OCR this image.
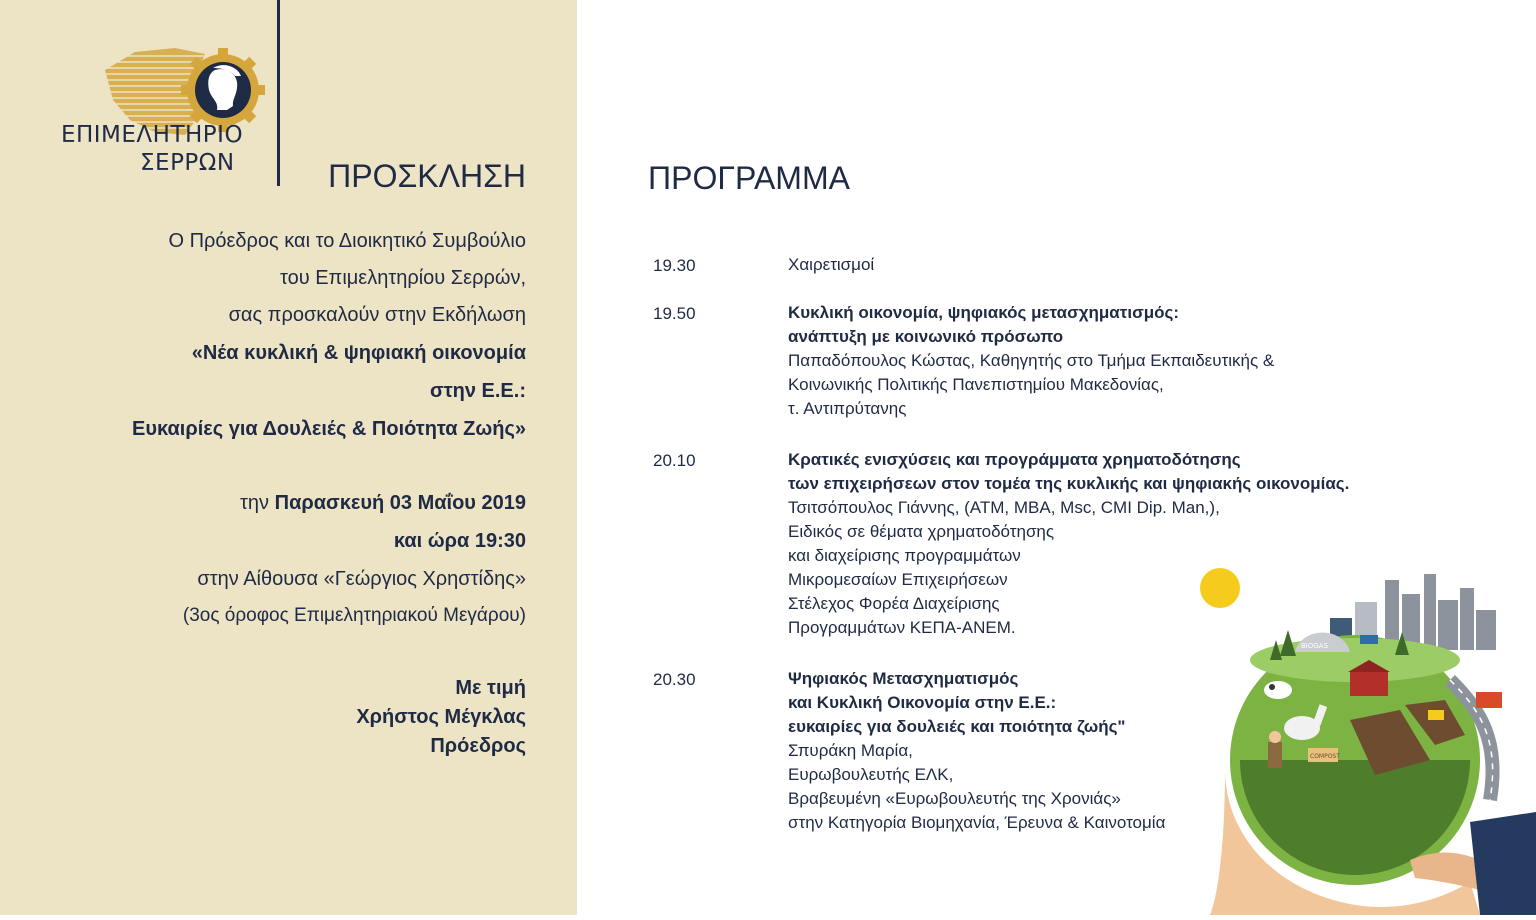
ΕΠΙΜΕΛΗΤΗΡΙΟ
ΣΕΡΡΩΝ	ΠΡΟΣΚΛΗΣΗ
Ο Πρόεδρος και το Διοικητικό Συμβούλιο
του Επιμελητηρίου Σερρών,
σας προσκαλούν στην Εκδήλωση
«Νέα κυκλική & ψηφιακή οικονομία
στην Ε.Ε.:
Ευκαιρίες για Δουλειές & Ποιότητα Ζωής»
την Παρασκευή 03 Μαΐου 2019
και ώρα 19:30
στην Αίθουσα «Γεώργιος Χρηστίδης»
(3ος όροφος Επιμελητηριακού Μεγάρου)
Με τιμή
Χρήστος Μέγκλας
Πρόεδρος
ΠΡΟΓΡΑΜΜΑ
19.30	Χαιρετισμοί
19.50	Κυκλική οικονομία, ψηφιακός μετασχηματισμός:
ανάπτυξη με κοινωνικό πρόσωπο
Παπαδόπουλος Κώστας, Καθηγητής στο Τμήμα Εκπαιδευτικής &
Κοινωνικής Πολιτικής Πανεπιστημίου Μακεδονίας,
τ. Αντιπρύτανης
20.10	Κρατικές ενισχύσεις και προγράμματα χρηματοδότησης
των επιχειρήσεων στον τομέα της κυκλικής και ψηφιακής οικονομίας.
Τσιτσόπουλος Γιάννης, (ATM, MBA, Msc, CMI Dip. Man,),
Ειδικός σε θέματα χρηματοδότησης
και διαχείρισης προγραμμάτων
Μικρομεσαίων Επιχειρήσεων
Στέλεχος Φορέα Διαχείρισης
Προγραμμάτων ΚΕΠΑ-ΑΝΕΜ.
20.30	Ψηφιακός Μετασχηματισμός
και Κυκλική Οικονομία στην Ε.Ε.:
ευκαιρίες για δουλειές και ποιότητα ζωής"
Σπυράκη Μαρία,
Ευρωβουλευτής ΕΛΚ,
Βραβευμένη «Ευρωβουλευτής της Χρονιάς»
στην Κατηγορία Βιομηχανία, Έρευνα & Καινοτομία
BIOGAS
COMPOST
